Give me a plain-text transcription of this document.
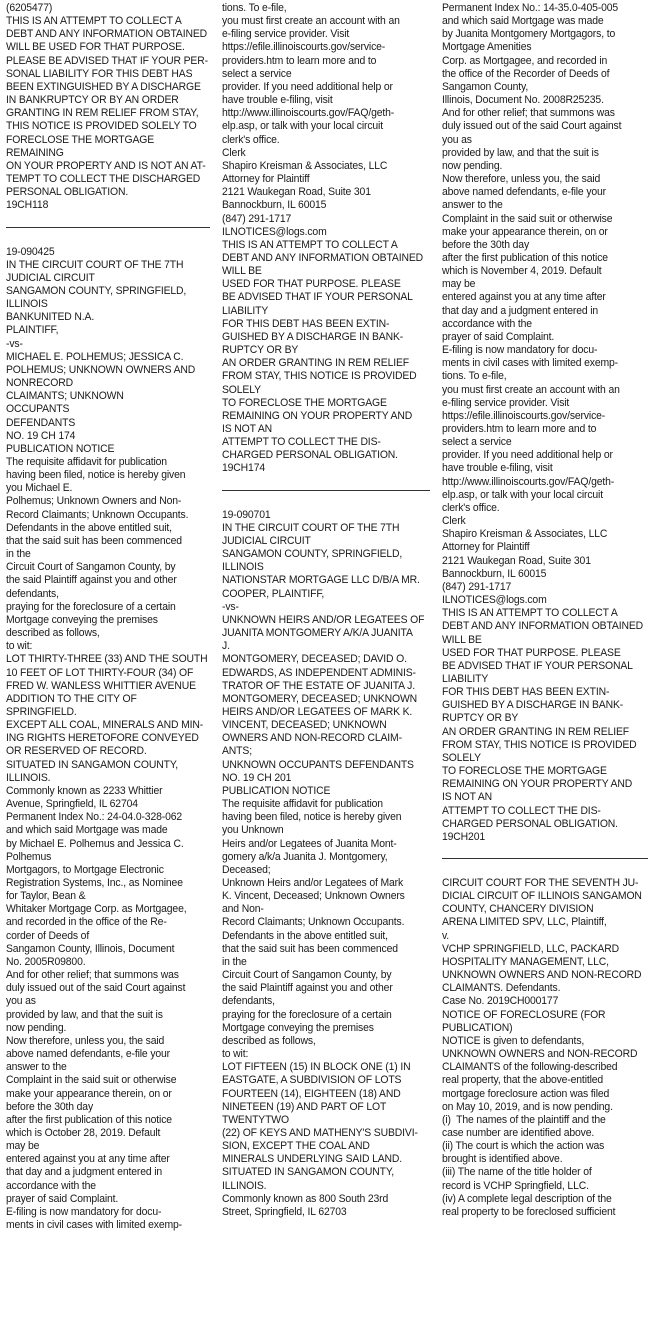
(6205477)
THIS IS AN ATTEMPT TO COLLECT A
DEBT AND ANY INFORMATION OBTAINED
WILL BE USED FOR THAT PURPOSE.
PLEASE BE ADVISED THAT IF YOUR PER-
SONAL LIABILITY FOR THIS DEBT HAS
BEEN EXTINGUISHED BY A DISCHARGE
IN BANKRUPTCY OR BY AN ORDER
GRANTING IN REM RELIEF FROM STAY,
THIS NOTICE IS PROVIDED SOLELY TO
FORECLOSE THE MORTGAGE REMAINING
ON YOUR PROPERTY AND IS NOT AN AT-
TEMPT TO COLLECT THE DISCHARGED
PERSONAL OBLIGATION.
19CH118

19-090425
IN THE CIRCUIT COURT OF THE 7TH
JUDICIAL CIRCUIT
SANGAMON COUNTY, SPRINGFIELD,
ILLINOIS
BANKUNITED N.A.
PLAINTIFF,
-vs-
MICHAEL E. POLHEMUS; JESSICA C.
POLHEMUS; UNKNOWN OWNERS AND
NONRECORD
CLAIMANTS; UNKNOWN
OCCUPANTS
DEFENDANTS
NO. 19 CH 174
PUBLICATION NOTICE
The requisite affidavit for publication
having been filed, notice is hereby given
you Michael E.
Polhemus; Unknown Owners and Non-
Record Claimants; Unknown Occupants.
Defendants in the above entitled suit,
that the said suit has been commenced
in the
Circuit Court of Sangamon County, by
the said Plaintiff against you and other
defendants,
praying for the foreclosure of a certain
Mortgage conveying the premises
described as follows,
to wit:
LOT THIRTY-THREE (33) AND THE SOUTH
10 FEET OF LOT THIRTY-FOUR (34) OF
FRED W. WANLESS WHITTIER AVENUE
ADDITION TO THE CITY OF
SPRINGFIELD.
EXCEPT ALL COAL, MINERALS AND MIN-
ING RIGHTS HERETOFORE CONVEYED
OR RESERVED OF RECORD.
SITUATED IN SANGAMON COUNTY,
ILLINOIS.
Commonly known as 2233 Whittier
Avenue, Springfield, IL 62704
Permanent Index No.: 24-04.0-328-062
and which said Mortgage was made
by Michael E. Polhemus and Jessica C.
Polhemus
Mortgagors, to Mortgage Electronic
Registration Systems, Inc., as Nominee
for Taylor, Bean &
Whitaker Mortgage Corp. as Mortgagee,
and recorded in the office of the Re-
corder of Deeds of
Sangamon County, Illinois, Document
No. 2005R09800.
And for other relief; that summons was
duly issued out of the said Court against
you as
provided by law, and that the suit is
now pending.
Now therefore, unless you, the said
above named defendants, e-file your
answer to the
Complaint in the said suit or otherwise
make your appearance therein, on or
before the 30th day
after the first publication of this notice
which is October 28, 2019. Default
may be
entered against you at any time after
that day and a judgment entered in
accordance with the
prayer of said Complaint.
E-filing is now mandatory for docu-
ments in civil cases with limited exemp-

tions. To e-file,
you must first create an account with an
e-filing service provider. Visit
https://efile.illinoiscourts.gov/service-
providers.htm to learn more and to
select a service
provider. If you need additional help or
have trouble e-filing, visit
http://www.illinoiscourts.gov/FAQ/geth-
elp.asp, or talk with your local circuit
clerk's office.
Clerk
Shapiro Kreisman & Associates, LLC
Attorney for Plaintiff
2121 Waukegan Road, Suite 301
Bannockburn, IL 60015
(847) 291-1717
ILNOTICES@logs.com
THIS IS AN ATTEMPT TO COLLECT A
DEBT AND ANY INFORMATION OBTAINED
WILL BE
USED FOR THAT PURPOSE. PLEASE
BE ADVISED THAT IF YOUR PERSONAL
LIABILITY
FOR THIS DEBT HAS BEEN EXTIN-
GUISHED BY A DISCHARGE IN BANK-
RUPTCY OR BY
AN ORDER GRANTING IN REM RELIEF
FROM STAY, THIS NOTICE IS PROVIDED
SOLELY
TO FORECLOSE THE MORTGAGE
REMAINING ON YOUR PROPERTY AND
IS NOT AN
ATTEMPT TO COLLECT THE DIS-
CHARGED PERSONAL OBLIGATION.
19CH174

19-090701
IN THE CIRCUIT COURT OF THE 7TH
JUDICIAL CIRCUIT
SANGAMON COUNTY, SPRINGFIELD,
ILLINOIS
NATIONSTAR MORTGAGE LLC D/B/A MR.
COOPER, PLAINTIFF,
-vs-
UNKNOWN HEIRS AND/OR LEGATEES OF
JUANITA MONTGOMERY A/K/A JUANITA
J.
MONTGOMERY, DECEASED; DAVID O.
EDWARDS, AS INDEPENDENT ADMINIS-
TRATOR OF THE ESTATE OF JUANITA J.
MONTGOMERY, DECEASED; UNKNOWN
HEIRS AND/OR LEGATEES OF MARK K.
VINCENT, DECEASED; UNKNOWN
OWNERS AND NON-RECORD CLAIM-
ANTS;
UNKNOWN OCCUPANTS DEFENDANTS
NO. 19 CH 201
PUBLICATION NOTICE
The requisite affidavit for publication
having been filed, notice is hereby given
you Unknown
Heirs and/or Legatees of Juanita Mont-
gomery a/k/a Juanita J. Montgomery,
Deceased;
Unknown Heirs and/or Legatees of Mark
K. Vincent, Deceased; Unknown Owners
and Non-
Record Claimants; Unknown Occupants.
Defendants in the above entitled suit,
that the said suit has been commenced
in the
Circuit Court of Sangamon County, by
the said Plaintiff against you and other
defendants,
praying for the foreclosure of a certain
Mortgage conveying the premises
described as follows,
to wit:
LOT FIFTEEN (15) IN BLOCK ONE (1) IN
EASTGATE, A SUBDIVISION OF LOTS
FOURTEEN (14), EIGHTEEN (18) AND
NINETEEN (19) AND PART OF LOT
TWENTYTWO
(22) OF KEYS AND MATHENY'S SUBDIVI-
SION, EXCEPT THE COAL AND
MINERALS UNDERLYING SAID LAND.
SITUATED IN SANGAMON COUNTY,
ILLINOIS.
Commonly known as 800 South 23rd
Street, Springfield, IL 62703

Permanent Index No.: 14-35.0-405-005
and which said Mortgage was made
by Juanita Montgomery Mortgagors, to
Mortgage Amenities
Corp. as Mortgagee, and recorded in
the office of the Recorder of Deeds of
Sangamon County,
Illinois, Document No. 2008R25235.
And for other relief; that summons was
duly issued out of the said Court against
you as
provided by law, and that the suit is
now pending.
Now therefore, unless you, the said
above named defendants, e-file your
answer to the
Complaint in the said suit or otherwise
make your appearance therein, on or
before the 30th day
after the first publication of this notice
which is November 4, 2019. Default
may be
entered against you at any time after
that day and a judgment entered in
accordance with the
prayer of said Complaint.
E-filing is now mandatory for docu-
ments in civil cases with limited exemp-
tions. To e-file,
you must first create an account with an
e-filing service provider. Visit
https://efile.illinoiscourts.gov/service-
providers.htm to learn more and to
select a service
provider. If you need additional help or
have trouble e-filing, visit
http://www.illinoiscourts.gov/FAQ/geth-
elp.asp, or talk with your local circuit
clerk's office.
Clerk
Shapiro Kreisman & Associates, LLC
Attorney for Plaintiff
2121 Waukegan Road, Suite 301
Bannockburn, IL 60015
(847) 291-1717
ILNOTICES@logs.com
THIS IS AN ATTEMPT TO COLLECT A
DEBT AND ANY INFORMATION OBTAINED
WILL BE
USED FOR THAT PURPOSE. PLEASE
BE ADVISED THAT IF YOUR PERSONAL
LIABILITY
FOR THIS DEBT HAS BEEN EXTIN-
GUISHED BY A DISCHARGE IN BANK-
RUPTCY OR BY
AN ORDER GRANTING IN REM RELIEF
FROM STAY, THIS NOTICE IS PROVIDED
SOLELY
TO FORECLOSE THE MORTGAGE
REMAINING ON YOUR PROPERTY AND
IS NOT AN
ATTEMPT TO COLLECT THE DIS-
CHARGED PERSONAL OBLIGATION.
19CH201

CIRCUIT COURT FOR THE SEVENTH JU-
DICIAL CIRCUIT OF ILLINOIS SANGAMON
COUNTY, CHANCERY DIVISION
ARENA LIMITED SPV, LLC, Plaintiff,
v.
VCHP SPRINGFIELD, LLC, PACKARD
HOSPITALITY MANAGEMENT, LLC,
UNKNOWN OWNERS AND NON-RECORD
CLAIMANTS. Defendants.
Case No. 2019CH000177
NOTICE OF FORECLOSURE (FOR
PUBLICATION)
NOTICE is given to defendants,
UNKNOWN OWNERS and NON-RECORD
CLAIMANTS of the following-described
real property, that the above-entitled
mortgage foreclosure action was filed
on May 10, 2019, and is now pending.
(i)  The names of the plaintiff and the
case number are identified above.
(ii) The court is which the action was
brought is identified above.
(iii) The name of the title holder of
record is VCHP Springfield, LLC.
(iv) A complete legal description of the
real property to be foreclosed sufficient
